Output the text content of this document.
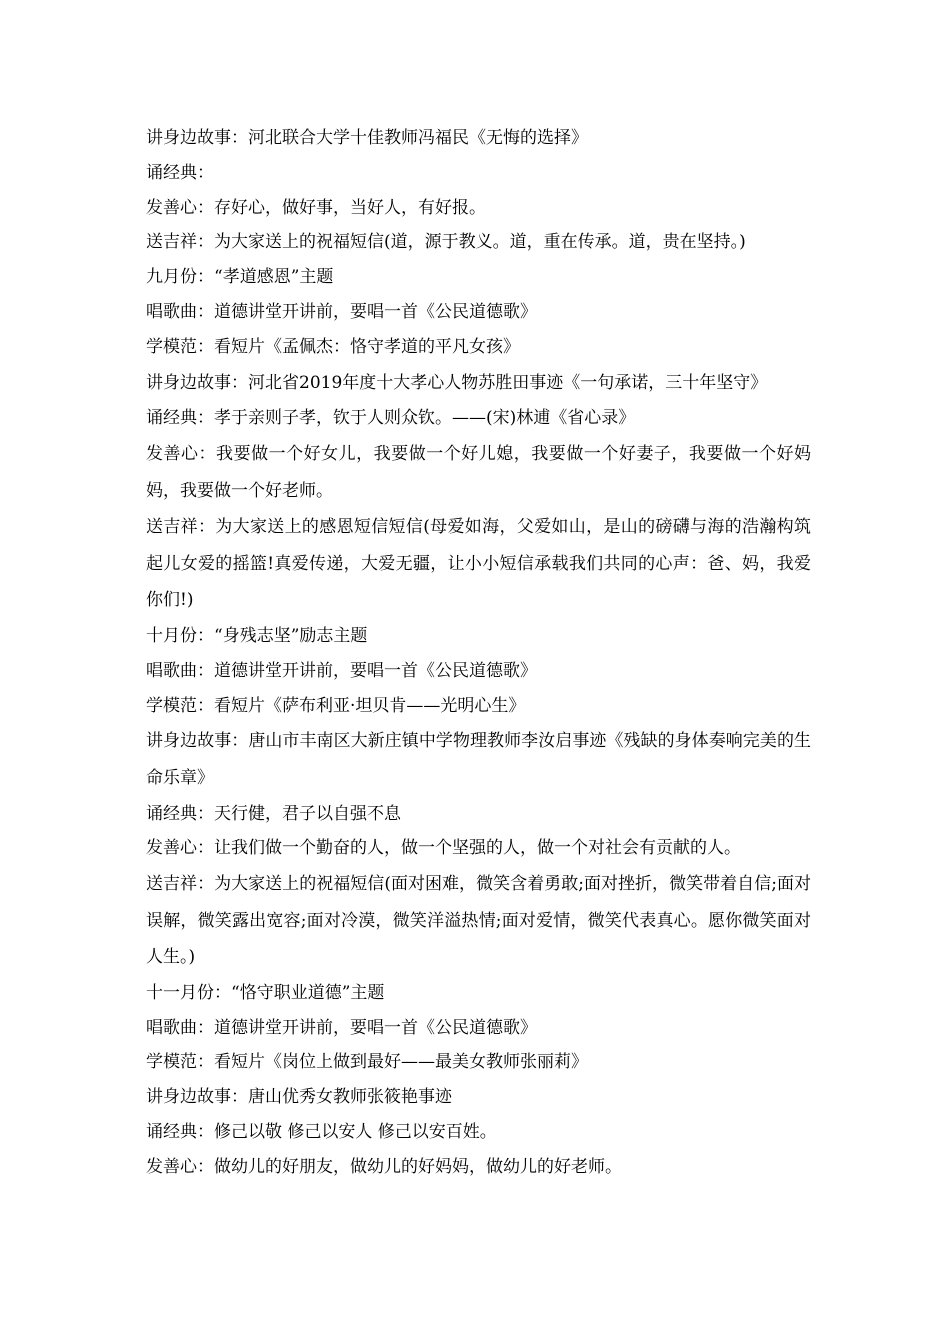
讲身边故事：河北联合大学十佳教师冯福民《无悔的选择》

诵经典：

发善心：存好心，做好事，当好人，有好报。

送吉祥：为大家送上的祝福短信(道，源于教义。道，重在传承。道，贵在坚持。)

九月份：“孝道感恩”主题

唱歌曲：道德讲堂开讲前，要唱一首《公民道德歌》

学模范：看短片《孟佩杰：恪守孝道的平凡女孩》

讲身边故事：河北省2019年度十大孝心人物苏胜田事迹《一句承诺，三十年坚守》

诵经典：孝于亲则子孝，钦于人则众钦。——(宋)林逋《省心录》

发善心：我要做一个好女儿，我要做一个好儿媳，我要做一个好妻子，我要做一个好妈妈，我要做一个好老师。

送吉祥：为大家送上的感恩短信短信(母爱如海，父爱如山，是山的磅礴与海的浩瀚构筑起儿女爱的摇篮!真爱传递，大爱无疆，让小小短信承载我们共同的心声：爸、妈，我爱你们!)

十月份：“身残志坚”励志主题

唱歌曲：道德讲堂开讲前，要唱一首《公民道德歌》

学模范：看短片《萨布利亚·坦贝肯——光明心生》

讲身边故事：唐山市丰南区大新庄镇中学物理教师李汝启事迹《残缺的身体奏响完美的生命乐章》

诵经典：天行健，君子以自强不息

发善心：让我们做一个勤奋的人，做一个坚强的人，做一个对社会有贡献的人。

送吉祥：为大家送上的祝福短信(面对困难，微笑含着勇敢;面对挫折，微笑带着自信;面对误解，微笑露出宽容;面对冷漠，微笑洋溢热情;面对爱情，微笑代表真心。愿你微笑面对人生。)

十一月份：“恪守职业道德”主题

唱歌曲：道德讲堂开讲前，要唱一首《公民道德歌》

学模范：看短片《岗位上做到最好——最美女教师张丽莉》

讲身边故事：唐山优秀女教师张筱艳事迹

诵经典：修己以敬 修己以安人 修己以安百姓。

发善心：做幼儿的好朋友，做幼儿的好妈妈，做幼儿的好老师。
